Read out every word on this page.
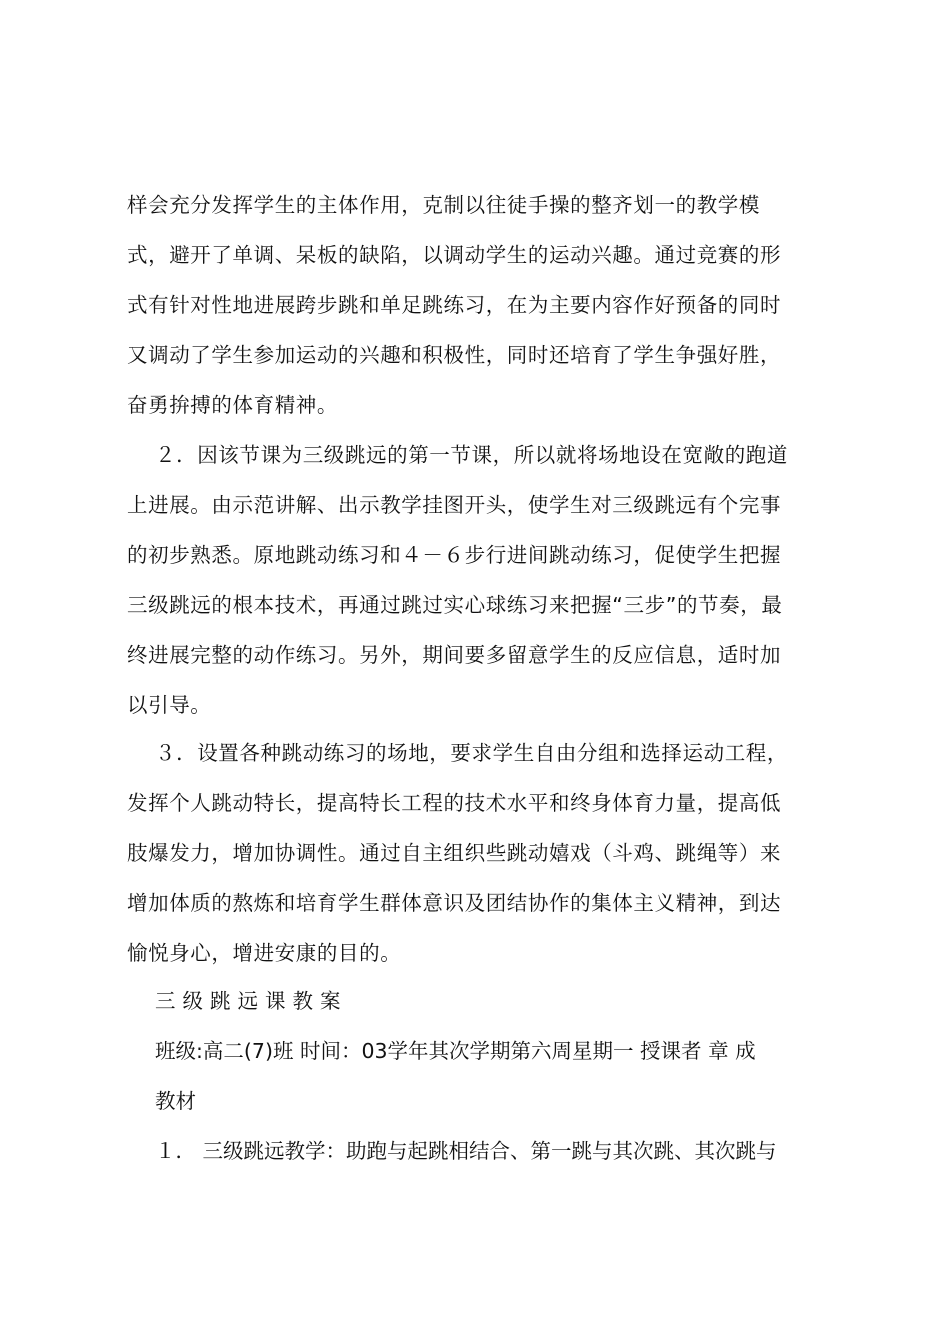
样会充分发挥学生的主体作用，克制以往徒手操的整齐划一的教学模
式，避开了单调、呆板的缺陷，以调动学生的运动兴趣。通过竞赛的形
式有针对性地进展跨步跳和单足跳练习，在为主要内容作好预备的同时
又调动了学生参加运动的兴趣和积极性，同时还培育了学生争强好胜，
奋勇拚搏的体育精神。
２．因该节课为三级跳远的第一节课，所以就将场地设在宽敞的跑道
上进展。由示范讲解、出示教学挂图开头，使学生对三级跳远有个完事
的初步熟悉。原地跳动练习和４－６步行进间跳动练习，促使学生把握
三级跳远的根本技术，再通过跳过实心球练习来把握“三步”的节奏，最
终进展完整的动作练习。另外，期间要多留意学生的反应信息，适时加
以引导。
３．设置各种跳动练习的场地，要求学生自由分组和选择运动工程，
发挥个人跳动特长，提高特长工程的技术水平和终身体育力量，提高低
肢爆发力，增加协调性。通过自主组织些跳动嬉戏（斗鸡、跳绳等）来
增加体质的熬炼和培育学生群体意识及团结协作的集体主义精神，到达
愉悦身心，增进安康的目的。
三级跳远课教案
班级:高二(7)班 时间：03学年其次学期第六周星期一 授课者 章 成
教材
１． 三级跳远教学：助跑与起跳相结合、第一跳与其次跳、其次跳与
